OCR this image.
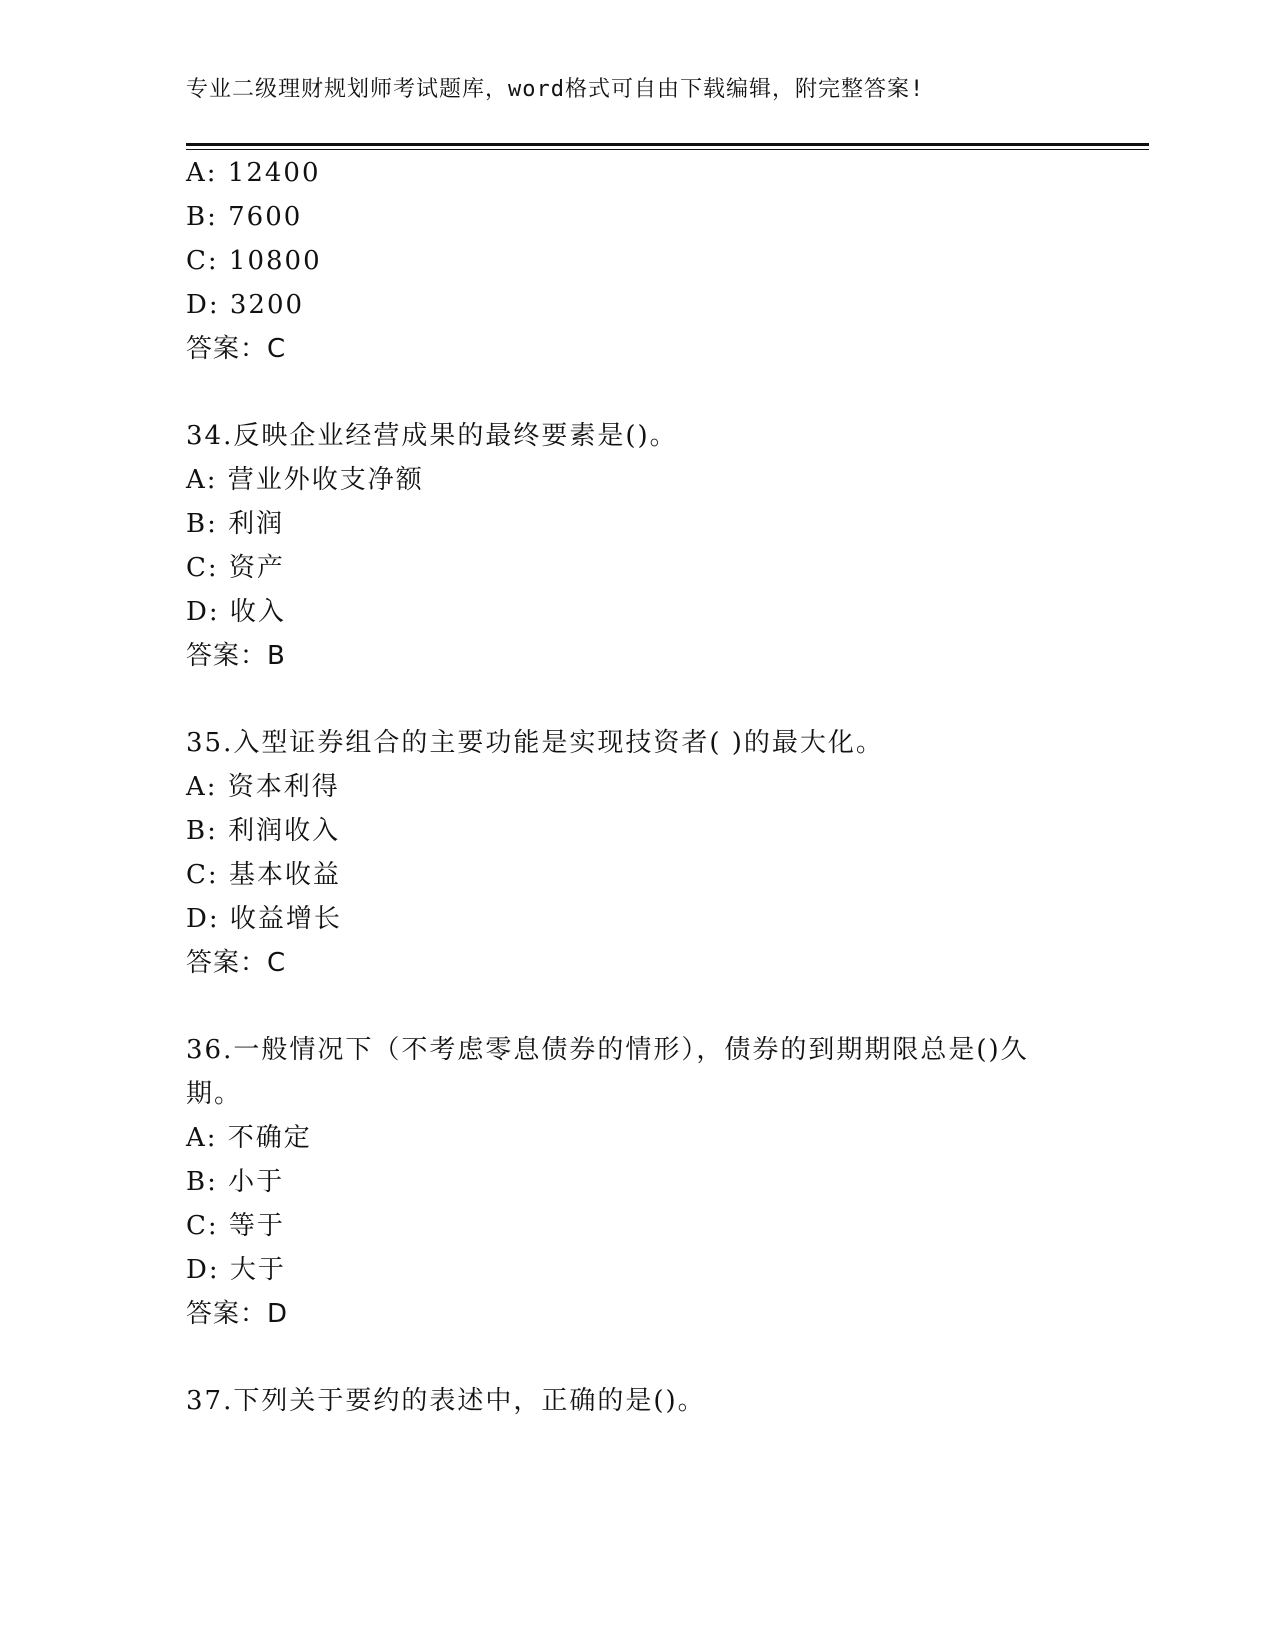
专业二级理财规划师考试题库，word格式可自由下载编辑，附完整答案!
A: 12400
B: 7600
C: 10800
D: 3200
答案：C
34.反映企业经营成果的最终要素是()。
A: 营业外收支净额
B: 利润
C: 资产
D: 收入
答案：B
35.入型证券组合的主要功能是实现技资者( )的最大化。
A: 资本利得
B: 利润收入
C: 基本收益
D: 收益增长
答案：C
36.一般情况下（不考虑零息债券的情形），债券的到期期限总是()久
期。
A: 不确定
B: 小于
C: 等于
D: 大于
答案：D
37.下列关于要约的表述中，正确的是()。
